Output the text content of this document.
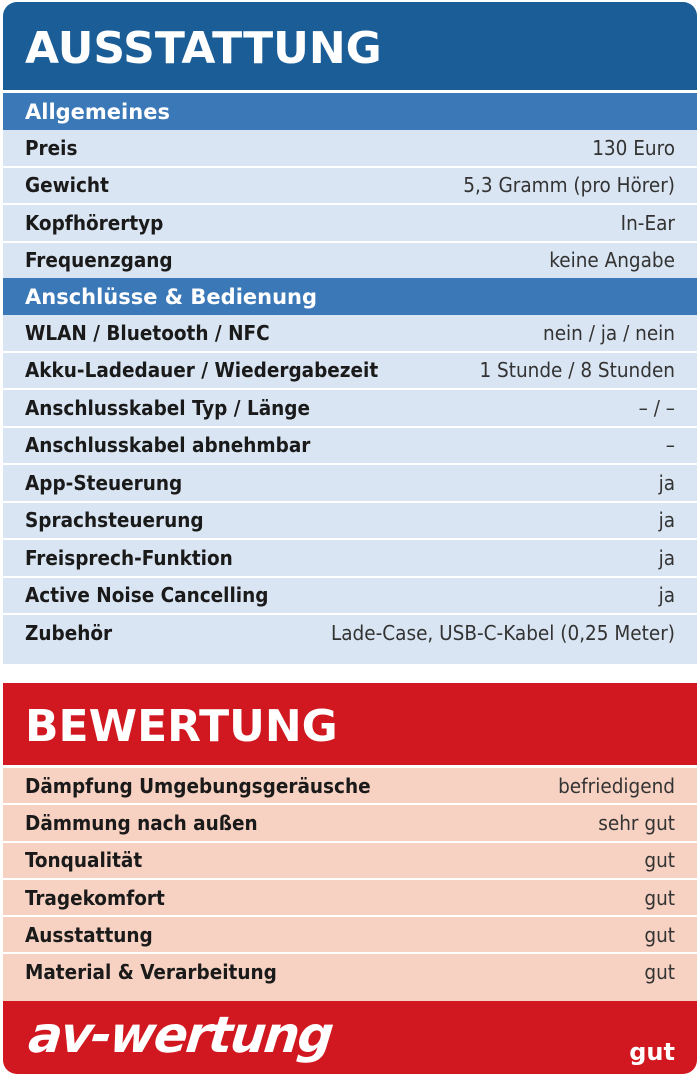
AUSSTATTUNG
Allgemeines
Preis	130 Euro
Gewicht	5,3 Gramm (pro Hörer)
Kopfhörertyp	In-Ear
Frequenzgang	keine Angabe
Anschlüsse & Bedienung
WLAN / Bluetooth / NFC	nein / ja / nein
Akku-Ladedauer / Wiedergabezeit	1 Stunde / 8 Stunden
Anschlusskabel Typ / Länge	– / –
Anschlusskabel abnehmbar	–
App-Steuerung	ja
Sprachsteuerung	ja
Freisprech-Funktion	ja
Active Noise Cancelling	ja
Zubehör	Lade-Case, USB-C-Kabel (0,25 Meter)
BEWERTUNG
Dämpfung Umgebungsgeräusche	befriedigend
Dämmung nach außen	sehr gut
Tonqualität	gut
Tragekomfort	gut
Ausstattung	gut
Material & Verarbeitung	gut
av-wertung	gut
